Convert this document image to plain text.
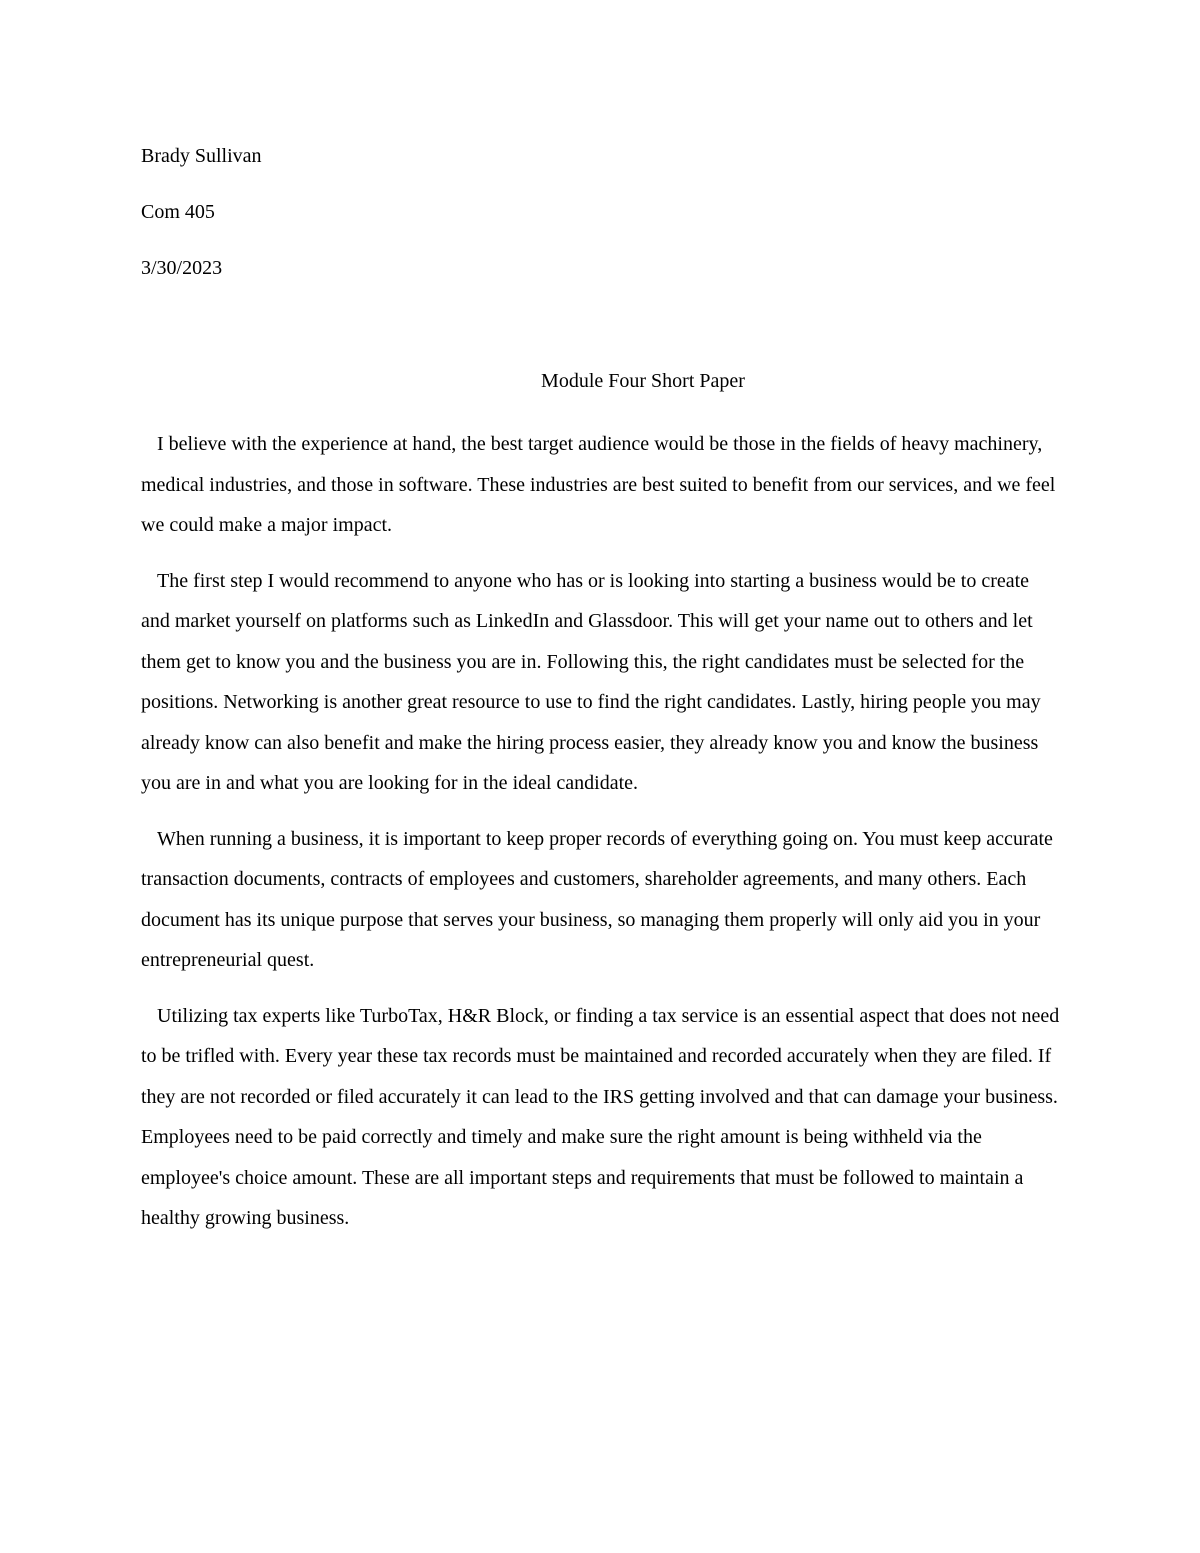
Brady Sullivan
Com 405
3/30/2023
Module Four Short Paper

I believe with the experience at hand, the best target audience would be those in the fields of heavy machinery, medical industries, and those in software. These industries are best suited to benefit from our services, and we feel we could make a major impact.

The first step I would recommend to anyone who has or is looking into starting a business would be to create and market yourself on platforms such as LinkedIn and Glassdoor. This will get your name out to others and let them get to know you and the business you are in. Following this, the right candidates must be selected for the positions. Networking is another great resource to use to find the right candidates. Lastly, hiring people you may already know can also benefit and make the hiring process easier, they already know you and know the business you are in and what you are looking for in the ideal candidate.

When running a business, it is important to keep proper records of everything going on. You must keep accurate transaction documents, contracts of employees and customers, shareholder agreements, and many others. Each document has its unique purpose that serves your business, so managing them properly will only aid you in your entrepreneurial quest.

Utilizing tax experts like TurboTax, H&R Block, or finding a tax service is an essential aspect that does not need to be trifled with. Every year these tax records must be maintained and recorded accurately when they are filed. If they are not recorded or filed accurately it can lead to the IRS getting involved and that can damage your business. Employees need to be paid correctly and timely and make sure the right amount is being withheld via the employee's choice amount. These are all important steps and requirements that must be followed to maintain a healthy growing business.
